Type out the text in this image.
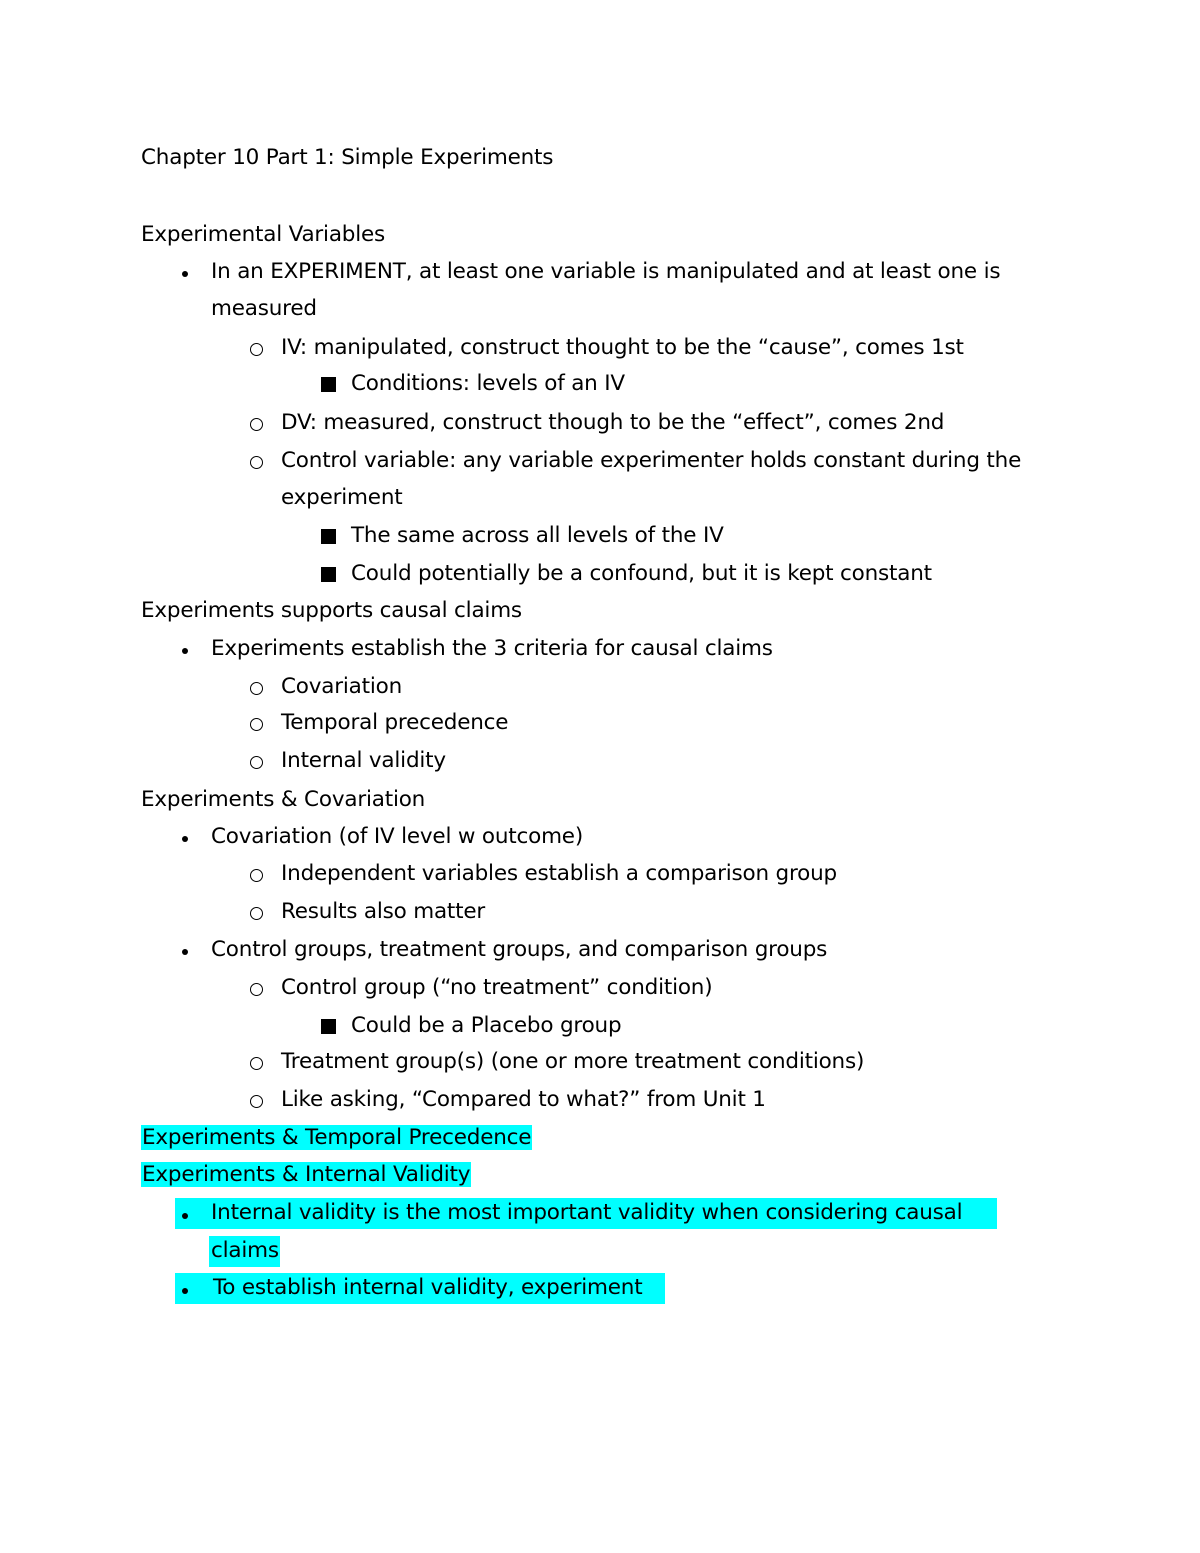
Chapter 10 Part 1: Simple Experiments
Experimental Variables
In an EXPERIMENT, at least one variable is manipulated and at least one is
measured
IV: manipulated, construct thought to be the “cause”, comes 1st
Conditions: levels of an IV
DV: measured, construct though to be the “effect”, comes 2nd
Control variable: any variable experimenter holds constant during the
experiment
The same across all levels of the IV
Could potentially be a confound, but it is kept constant
Experiments supports causal claims
Experiments establish the 3 criteria for causal claims
Covariation
Temporal precedence
Internal validity
Experiments & Covariation
Covariation (of IV level w outcome)
Independent variables establish a comparison group
Results also matter
Control groups, treatment groups, and comparison groups
Control group (“no treatment” condition)
Could be a Placebo group
Treatment group(s) (one or more treatment conditions)
Like asking, “Compared to what?” from Unit 1
Experiments & Temporal Precedence
Experiments & Internal Validity
Internal validity is the most important validity when considering causal
claims
To establish internal validity, experiment
